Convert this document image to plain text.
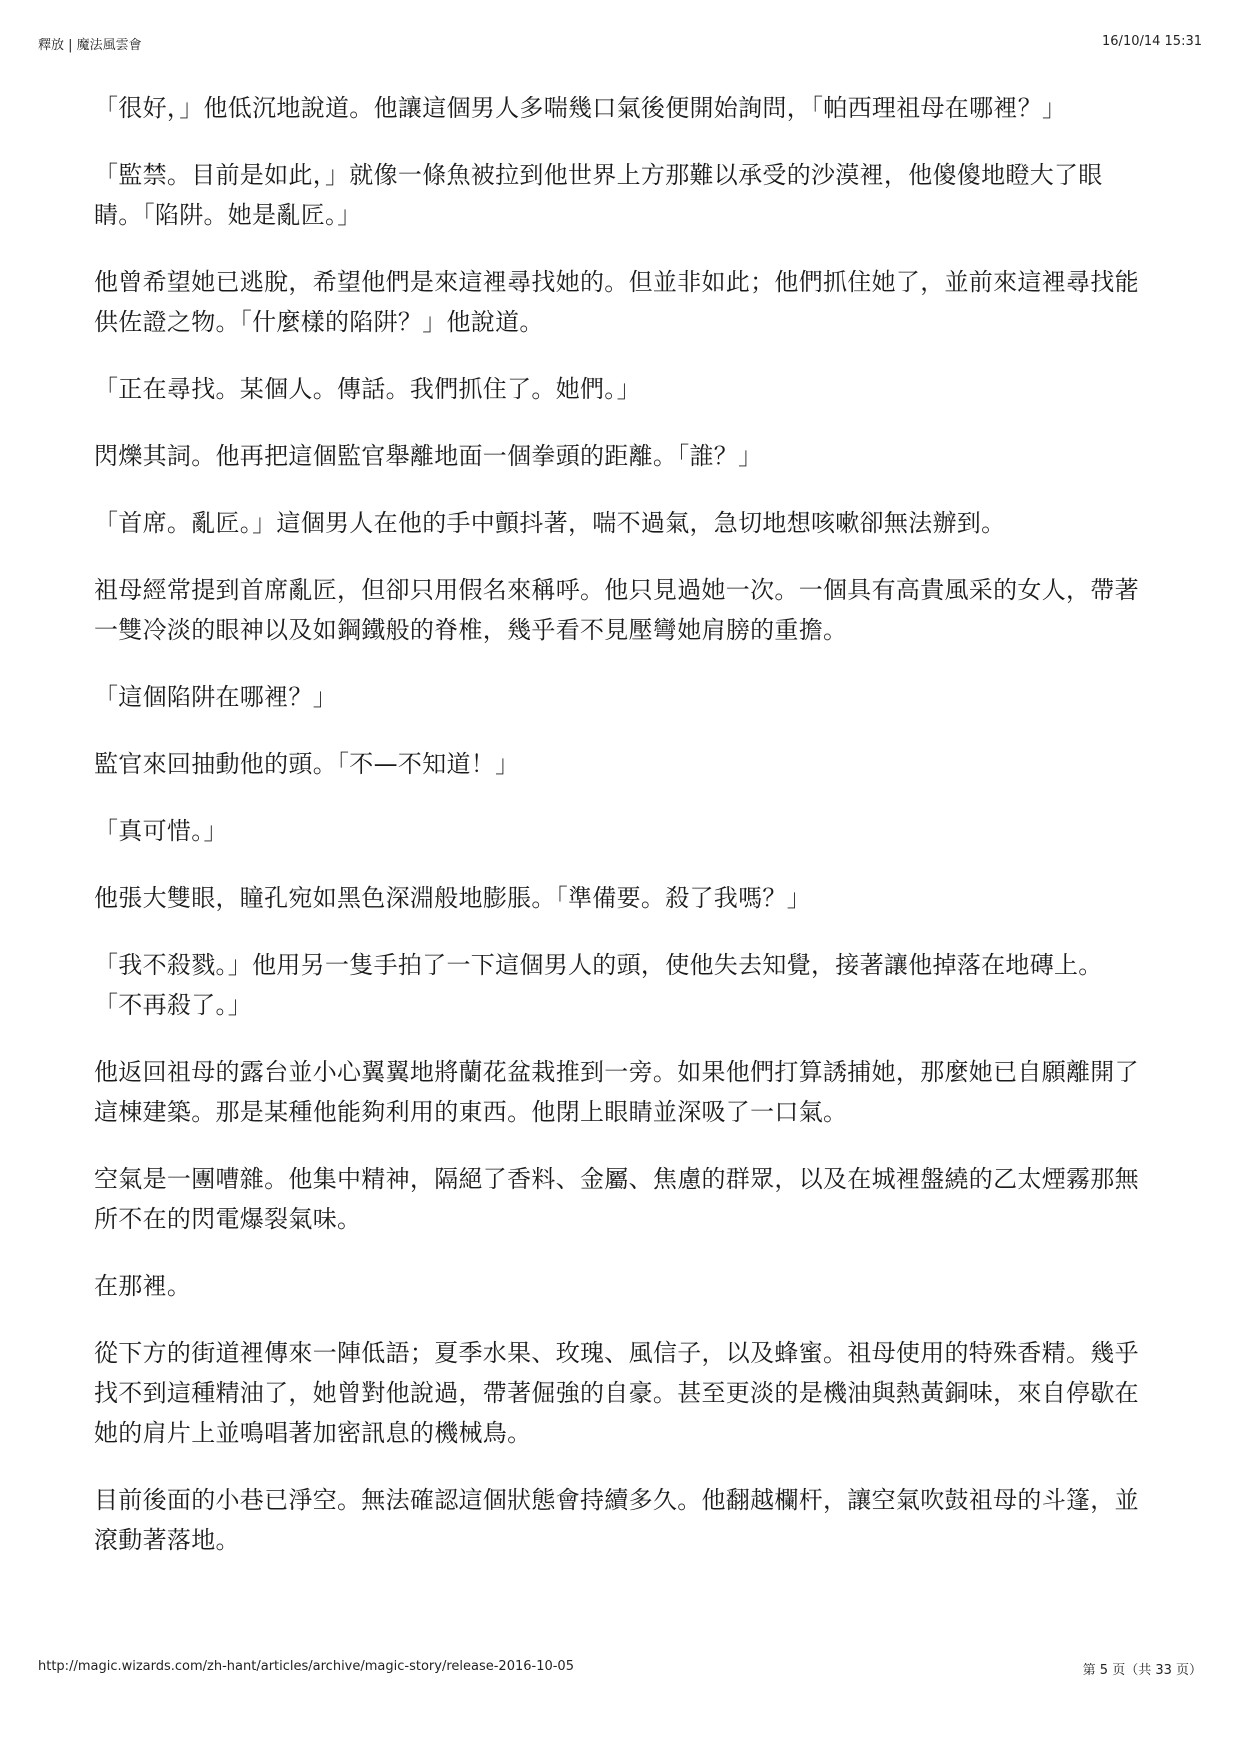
釋放 | 魔法風雲會	16/10/14 15:31

「很好，」他低沉地說道。他讓這個男人多喘幾口氣後便開始詢問，「帕西理祖母在哪裡？」

「監禁。目前是如此，」就像一條魚被拉到他世界上方那難以承受的沙漠裡，他傻傻地瞪大了眼睛。「陷阱。她是亂匠。」

他曾希望她已逃脫，希望他們是來這裡尋找她的。但並非如此；他們抓住她了，並前來這裡尋找能供佐證之物。「什麼樣的陷阱？」他說道。

「正在尋找。某個人。傳話。我們抓住了。她們。」

閃爍其詞。他再把這個監官舉離地面一個拳頭的距離。「誰？」

「首席。亂匠。」這個男人在他的手中顫抖著，喘不過氣，急切地想咳嗽卻無法辦到。

祖母經常提到首席亂匠，但卻只用假名來稱呼。他只見過她一次。一個具有高貴風采的女人，帶著一雙冷淡的眼神以及如鋼鐵般的脊椎，幾乎看不見壓彎她肩膀的重擔。

「這個陷阱在哪裡？」

監官來回抽動他的頭。「不—不知道！」

「真可惜。」

他張大雙眼，瞳孔宛如黑色深淵般地膨脹。「準備要。殺了我嗎？」

「我不殺戮。」他用另一隻手拍了一下這個男人的頭，使他失去知覺，接著讓他掉落在地磚上。 「不再殺了。」

他返回祖母的露台並小心翼翼地將蘭花盆栽推到一旁。如果他們打算誘捕她，那麼她已自願離開了這棟建築。那是某種他能夠利用的東西。他閉上眼睛並深吸了一口氣。

空氣是一團嘈雜。他集中精神，隔絕了香料、金屬、焦慮的群眾，以及在城裡盤繞的乙太煙霧那無所不在的閃電爆裂氣味。

在那裡。

從下方的街道裡傳來一陣低語；夏季水果、玫瑰、風信子，以及蜂蜜。祖母使用的特殊香精。幾乎找不到這種精油了，她曾對他說過，帶著倔強的自豪。甚至更淡的是機油與熱黃銅味，來自停歇在她的肩片上並鳴唱著加密訊息的機械鳥。

目前後面的小巷已淨空。無法確認這個狀態會持續多久。他翻越欄杆，讓空氣吹鼓祖母的斗篷，並滾動著落地。

http://magic.wizards.com/zh-hant/articles/archive/magic-story/release-2016-10-05	第 5 页（共 33 页）
